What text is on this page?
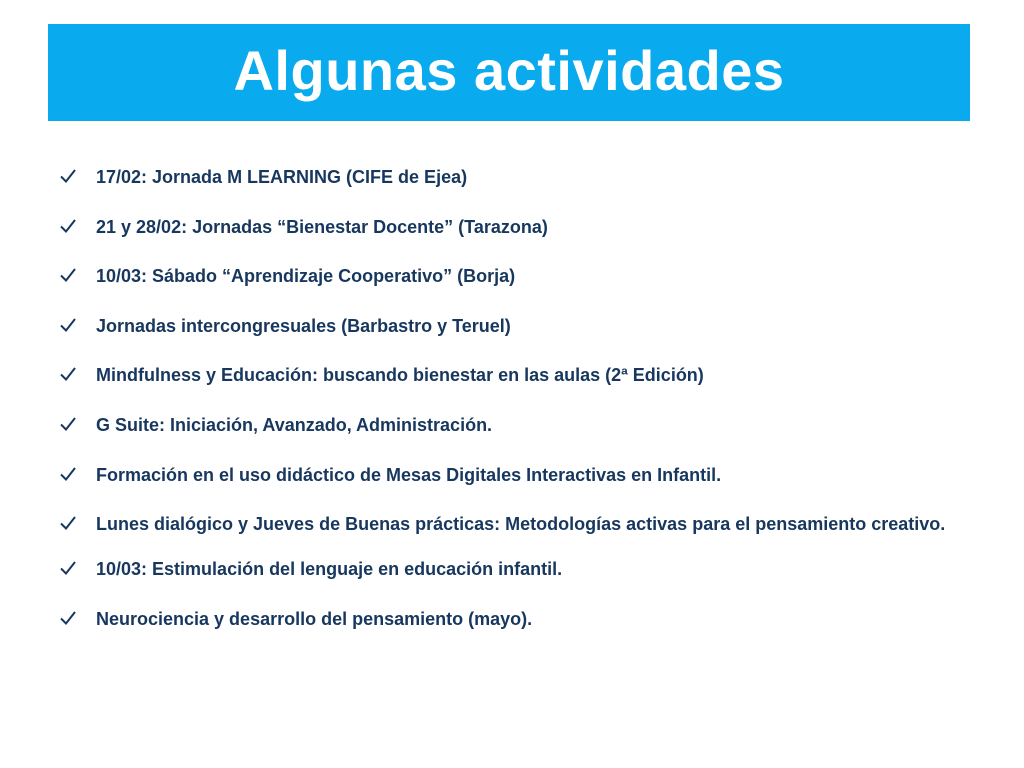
Algunas actividades
17/02: Jornada M LEARNING (CIFE de Ejea)
21 y 28/02: Jornadas “Bienestar Docente” (Tarazona)
10/03: Sábado “Aprendizaje Cooperativo” (Borja)
Jornadas intercongresuales (Barbastro y Teruel)
Mindfulness y Educación: buscando bienestar en las aulas (2ª Edición)
G Suite: Iniciación, Avanzado, Administración.
Formación en el uso didáctico de Mesas Digitales Interactivas en Infantil.
Lunes dialógico y Jueves de Buenas prácticas: Metodologías activas para el pensamiento creativo.
10/03: Estimulación del lenguaje en educación infantil.
Neurociencia y desarrollo del pensamiento (mayo).
